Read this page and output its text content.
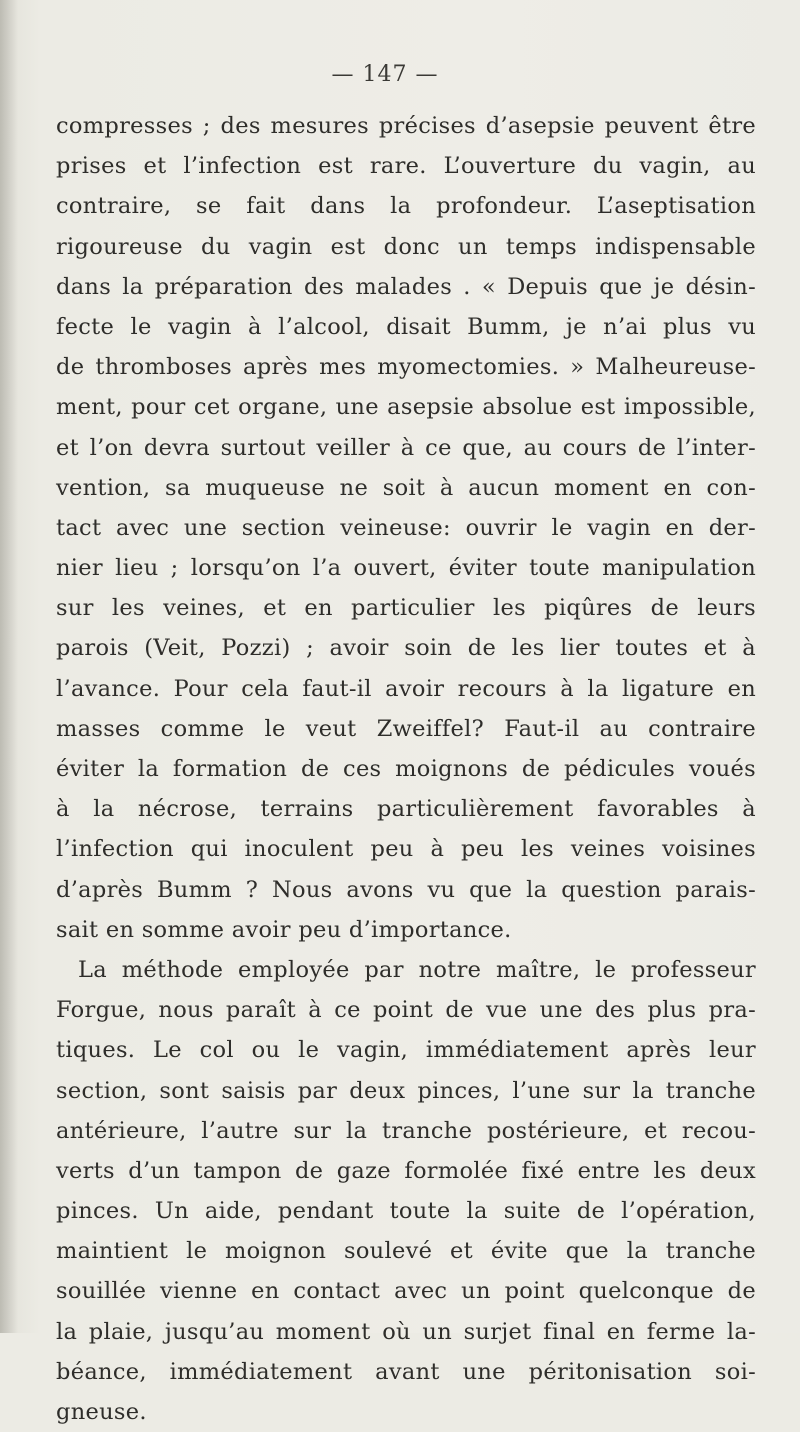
— 147 —
compresses ; des mesures précises d’asepsie peuvent être
prises et l’infection est rare. L’ouverture du vagin, au
contraire, se fait dans la profondeur. L’aseptisation
rigoureuse du vagin est donc un temps indispensable
dans la préparation des malades . « Depuis que je désin-
fecte le vagin à l’alcool, disait Bumm, je n’ai plus vu
de thromboses après mes myomectomies. » Malheureuse-
ment, pour cet organe, une asepsie absolue est impossible,
et l’on devra surtout veiller à ce que, au cours de l’inter-
vention, sa muqueuse ne soit à aucun moment en con-
tact avec une section veineuse: ouvrir le vagin en der-
nier lieu ; lorsqu’on l’a ouvert, éviter toute manipulation
sur les veines, et en particulier les piqûres de leurs
parois (Veit, Pozzi) ; avoir soin de les lier toutes et à
l’avance. Pour cela faut-il avoir recours à la ligature en
masses comme le veut Zweiffel? Faut-il au contraire
éviter la formation de ces moignons de pédicules voués
à la nécrose, terrains particulièrement favorables à
l’infection qui inoculent peu à peu les veines voisines
d’après Bumm ? Nous avons vu que la question parais-
sait en somme avoir peu d’importance.
La méthode employée par notre maître, le professeur
Forgue, nous paraît à ce point de vue une des plus pra-
tiques. Le col ou le vagin, immédiatement après leur
section, sont saisis par deux pinces, l’une sur la tranche
antérieure, l’autre sur la tranche postérieure, et recou-
verts d’un tampon de gaze formolée fixé entre les deux
pinces. Un aide, pendant toute la suite de l’opération,
maintient le moignon soulevé et évite que la tranche
souillée vienne en contact avec un point quelconque de
la plaie, jusqu’au moment où un surjet final en ferme la-
béance, immédiatement avant une péritonisation soi-
gneuse.
